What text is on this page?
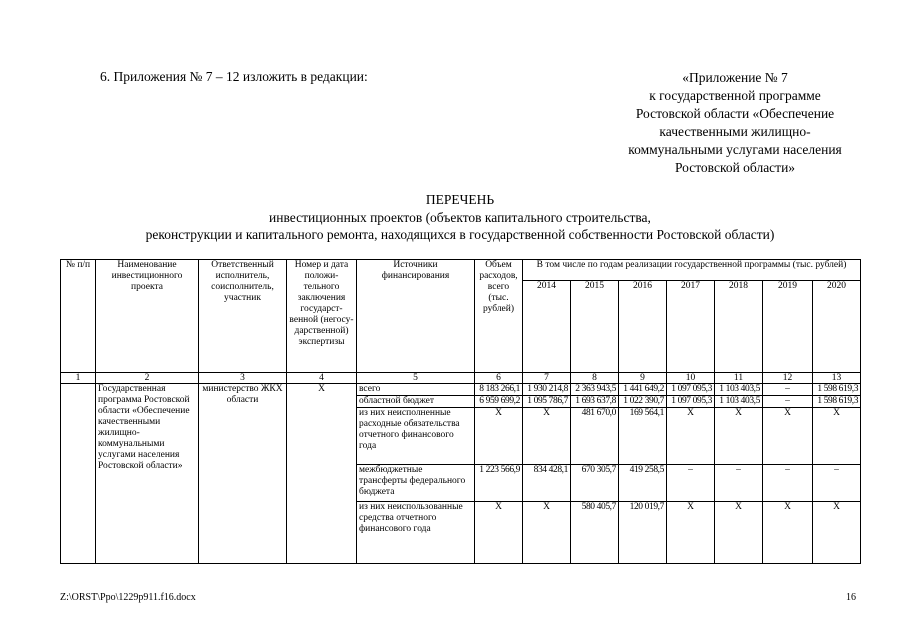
6. Приложения № 7 – 12 изложить в редакции:	«Приложение № 7
к государственной программе
Ростовской области «Обеспечение
качественными жилищно-
коммунальными услугами населения
Ростовской области»
ПЕРЕЧЕНЬ
инвестиционных проектов (объектов капитального строительства,
реконструкции и капитального ремонта, находящихся в государственной собственности Ростовской области)
№ п/п	Наименование инвестиционного проекта	Ответственный исполнитель, соисполнитель, участник	Номер и дата положи-тельного заключения государст-венной (негосу-дарственной) экспертизы	Источники финансирования	Объем расходов, всего (тыс. рублей)	В том числе по годам реализации государственной программы (тыс. рублей)						
						2014	2015	2016	2017	2018	2019	2020
1	2	3	4	5	6	7	8	9	10	11	12	13
	Государственная программа Ростовской области «Обеспечение качественными жилищно-коммунальными услугами населения Ростовской области»	министерство ЖКХ области	Х	всего	8 183 266,1	1 930 214,8	2 363 943,5	1 441 649,2	1 097 095,3	1 103 403,5	–	1 598 619,3
				областной бюджет	6 959 699,2	1 095 786,7	1 693 637,8	1 022 390,7	1 097 095,3	1 103 403,5	–	1 598 619,3
				из них неисполненные расходные обязательства отчетного финансового года	Х	Х	481 670,0	169 564,1	Х	Х	Х	Х
				межбюджетные трансферты федерального бюджета	1 223 566,9	834 428,1	670 305,7	419 258,5	–	–	–	–
				из них неиспользованные средства отчетного финансового года	Х	Х	580 405,7	120 019,7	Х	Х	Х	Х
Z:\ORST\Ppo\1229p911.f16.docx	16
